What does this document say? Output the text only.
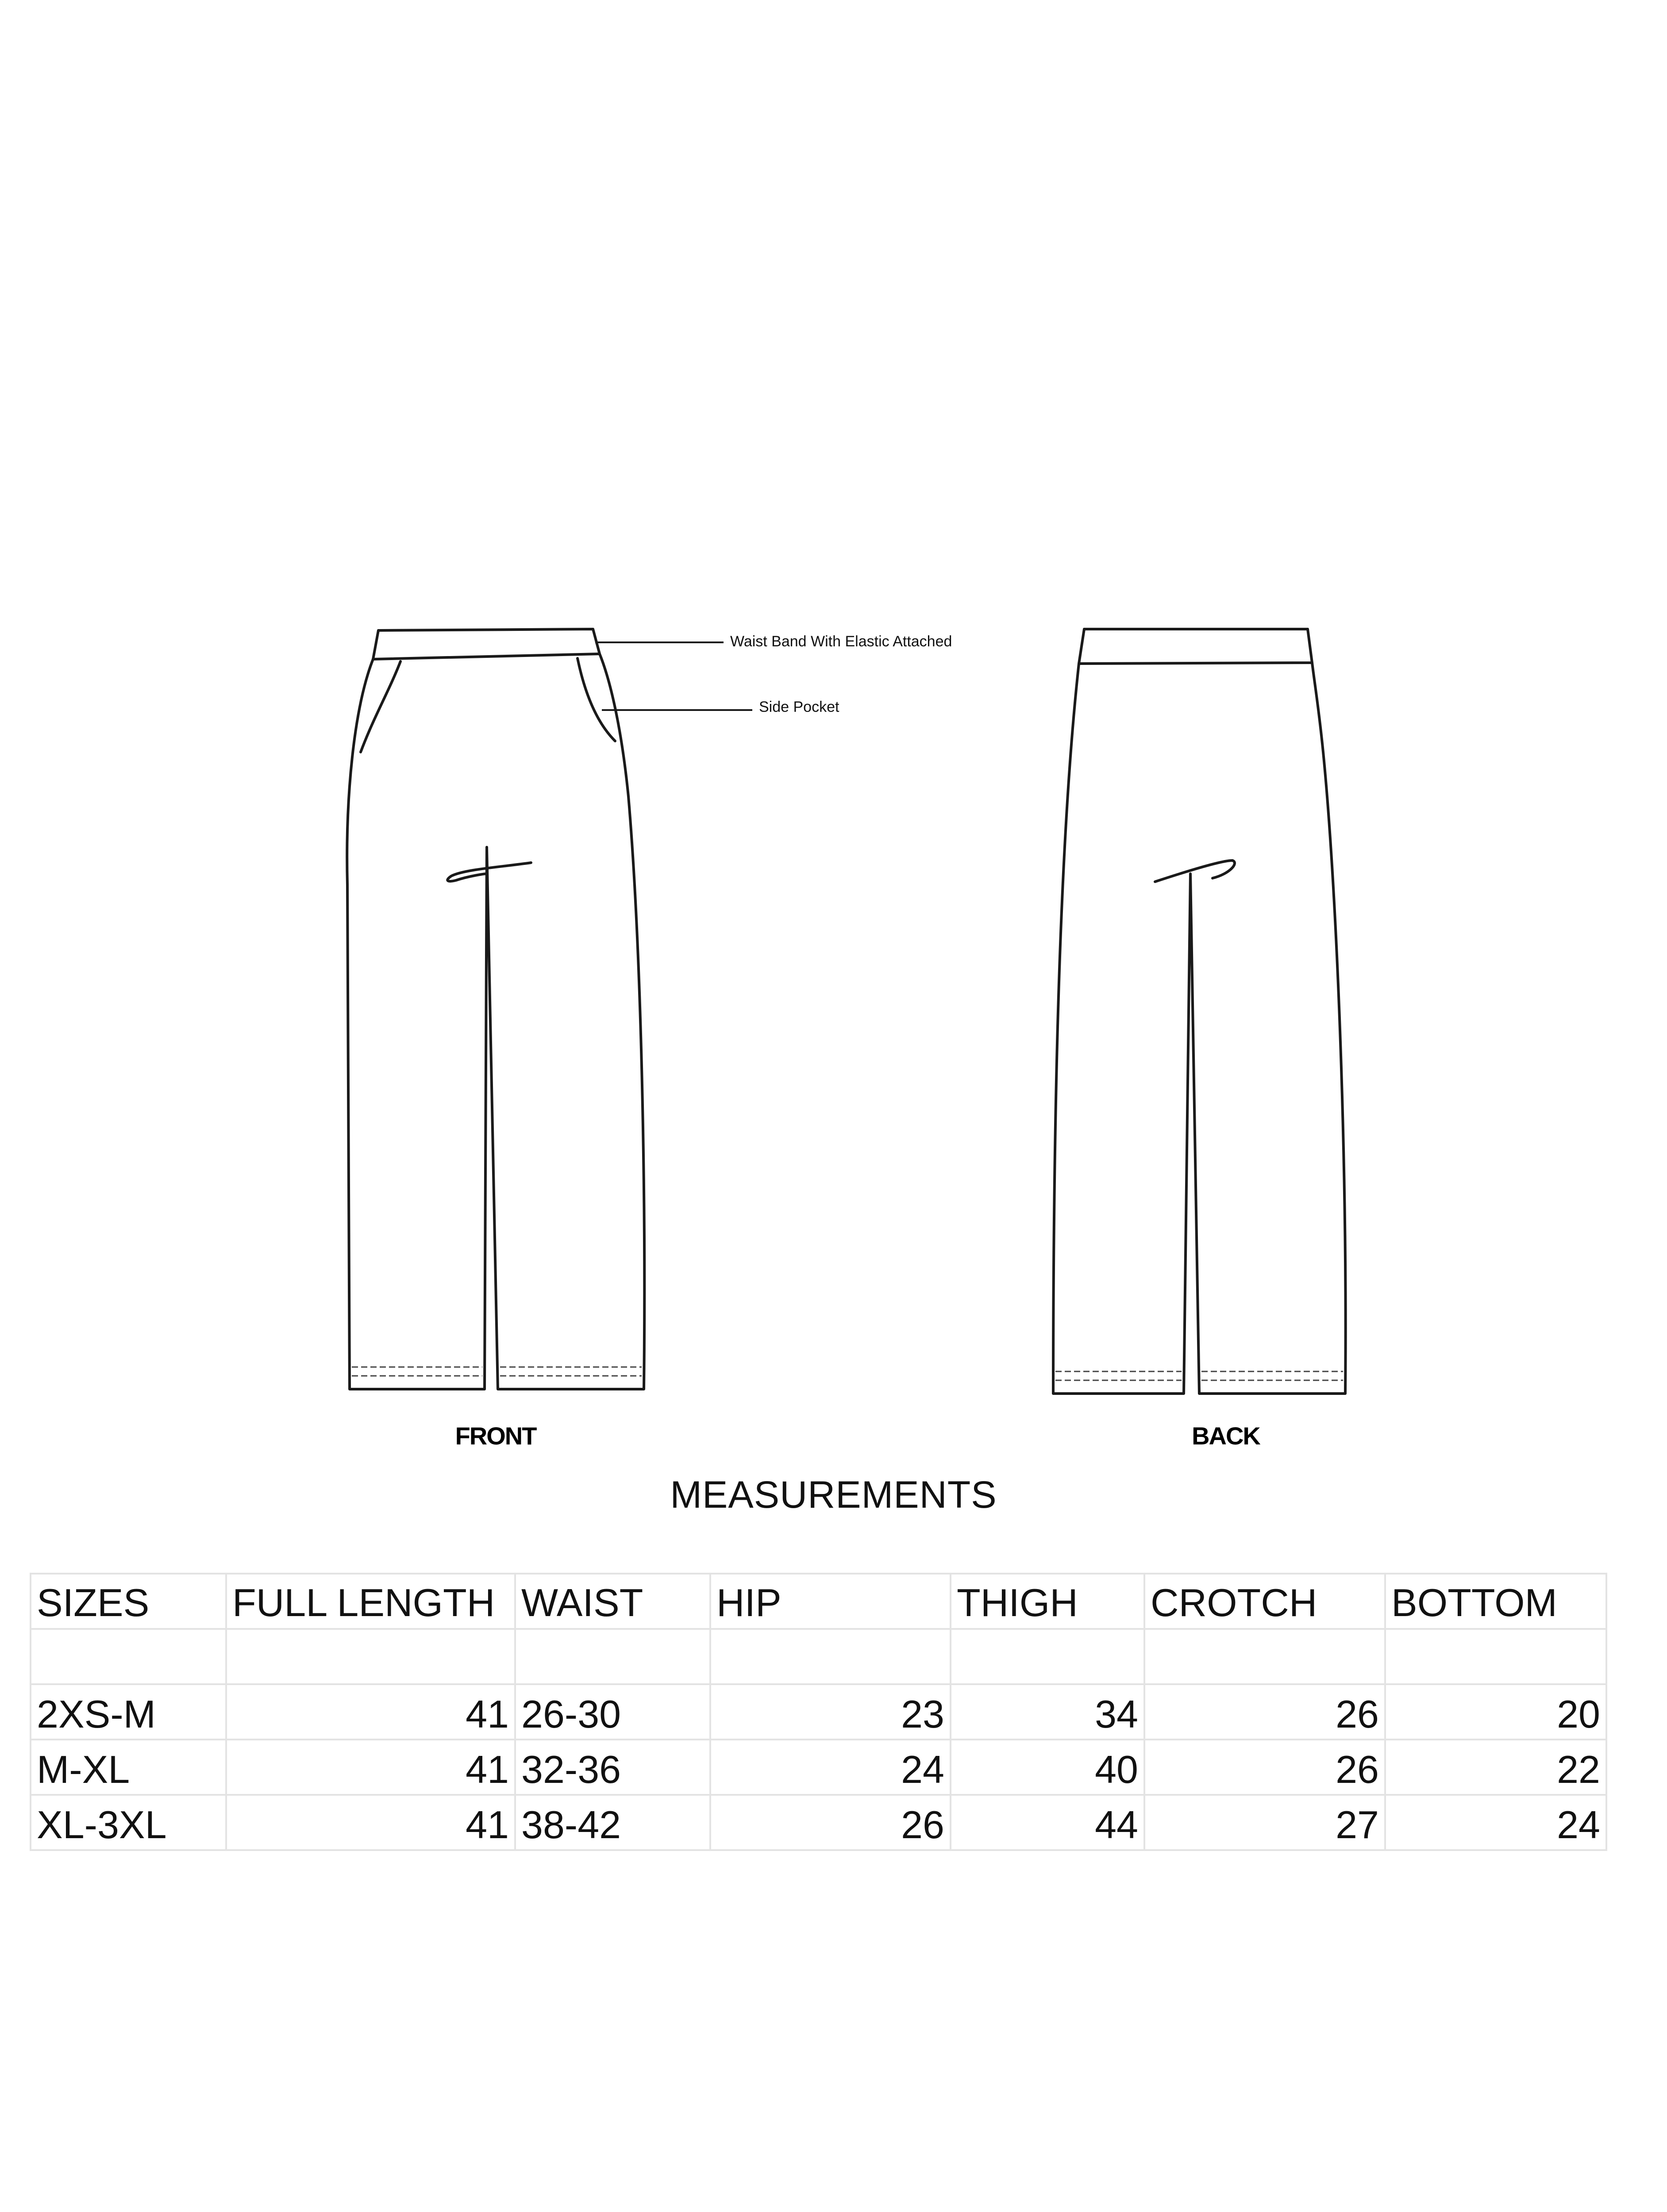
Waist Band With Elastic Attached
Side Pocket
FRONT	BACK
MEASUREMENTS
SIZES	FULL LENGTH	WAIST	HIP	THIGH	CROTCH	BOTTOM

2XS-M	41	26-30	23	34	26	20
M-XL	41	32-36	24	40	26	22
XL-3XL	41	38-42	26	44	27	24
